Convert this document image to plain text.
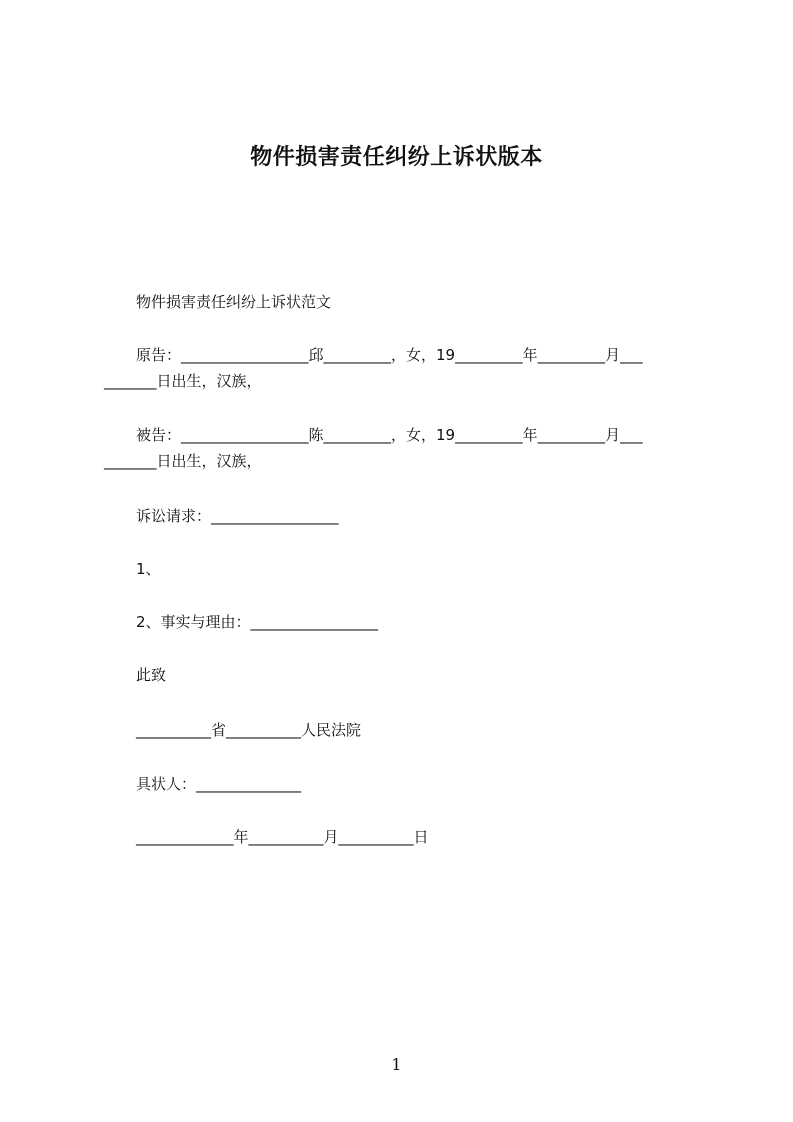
物件损害责任纠纷上诉状版本
物件损害责任纠纷上诉状范文
原告：_________________邱_________，女，19_________年_________月___
_______日出生，汉族，
被告：_________________陈_________，女，19_________年_________月___
_______日出生，汉族，
诉讼请求：_________________
1、
2、事实与理由：_________________
此致
__________省__________人民法院
具状人：______________
_____________年__________月__________日
1
